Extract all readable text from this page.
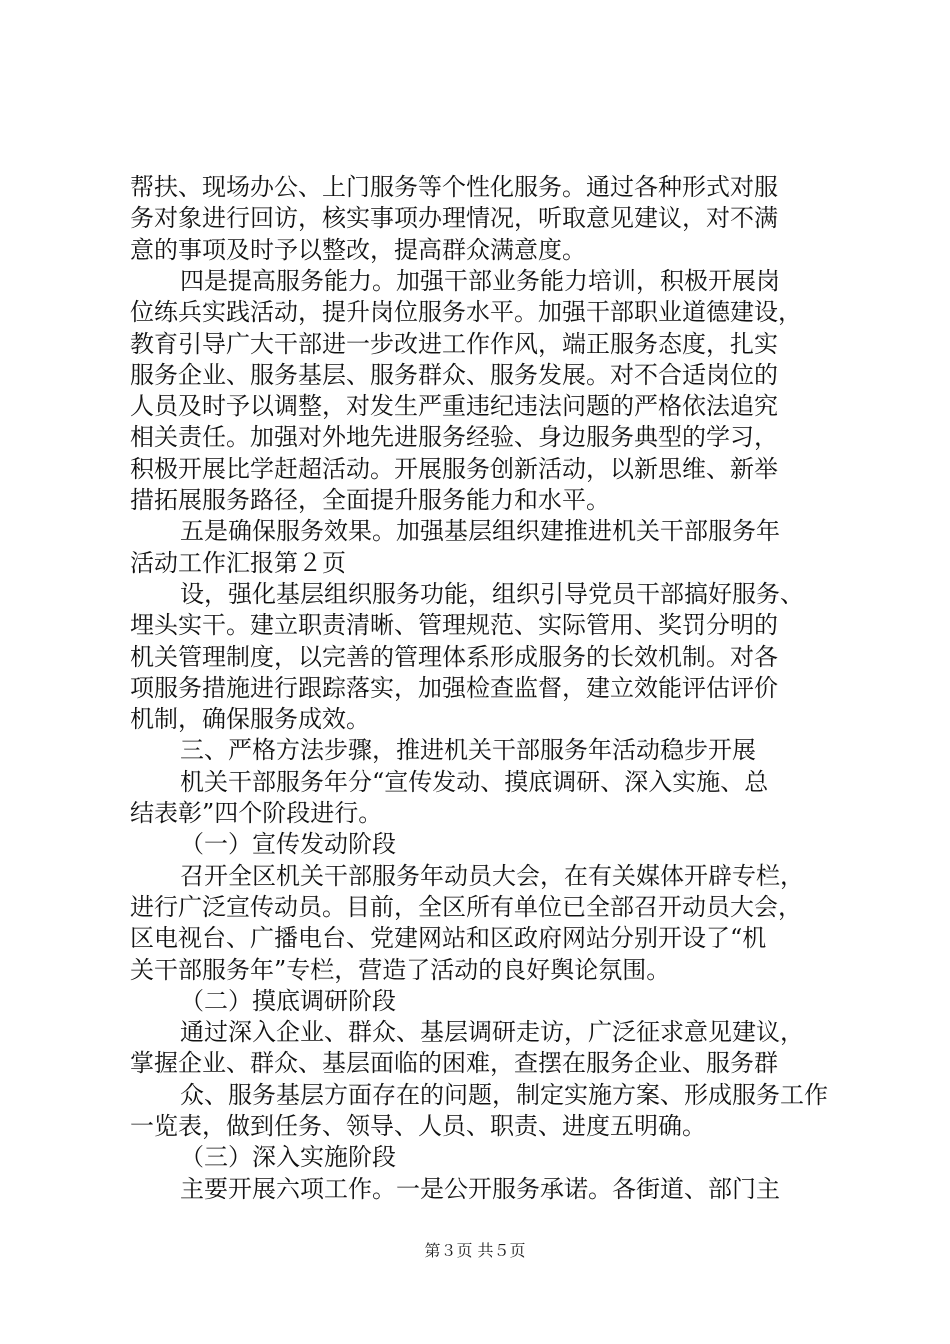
帮扶、现场办公、上门服务等个性化服务。通过各种形式对服
务对象进行回访，核实事项办理情况，听取意见建议，对不满
意的事项及时予以整改，提高群众满意度。
四是提高服务能力。加强干部业务能力培训，积极开展岗
位练兵实践活动，提升岗位服务水平。加强干部职业道德建设，
教育引导广大干部进一步改进工作作风，端正服务态度，扎实
服务企业、服务基层、服务群众、服务发展。对不合适岗位的
人员及时予以调整，对发生严重违纪违法问题的严格依法追究
相关责任。加强对外地先进服务经验、身边服务典型的学习，
积极开展比学赶超活动。开展服务创新活动，以新思维、新举
措拓展服务路径，全面提升服务能力和水平。
五是确保服务效果。加强基层组织建推进机关干部服务年
活动工作汇报第２页
设，强化基层组织服务功能，组织引导党员干部搞好服务、
埋头实干。建立职责清晰、管理规范、实际管用、奖罚分明的
机关管理制度，以完善的管理体系形成服务的长效机制。对各
项服务措施进行跟踪落实，加强检查监督，建立效能评估评价
机制，确保服务成效。
三、严格方法步骤，推进机关干部服务年活动稳步开展
机关干部服务年分“宣传发动、摸底调研、深入实施、总
结表彰”四个阶段进行。
（一）宣传发动阶段
召开全区机关干部服务年动员大会，在有关媒体开辟专栏，
进行广泛宣传动员。目前，全区所有单位已全部召开动员大会，
区电视台、广播电台、党建网站和区政府网站分别开设了“机
关干部服务年”专栏，营造了活动的良好舆论氛围。
（二）摸底调研阶段
通过深入企业、群众、基层调研走访，广泛征求意见建议，
掌握企业、群众、基层面临的困难，查摆在服务企业、服务群
众、服务基层方面存在的问题，制定实施方案、形成服务工作
一览表，做到任务、领导、人员、职责、进度五明确。
（三）深入实施阶段
主要开展六项工作。一是公开服务承诺。各街道、部门主
第３页 共５页
